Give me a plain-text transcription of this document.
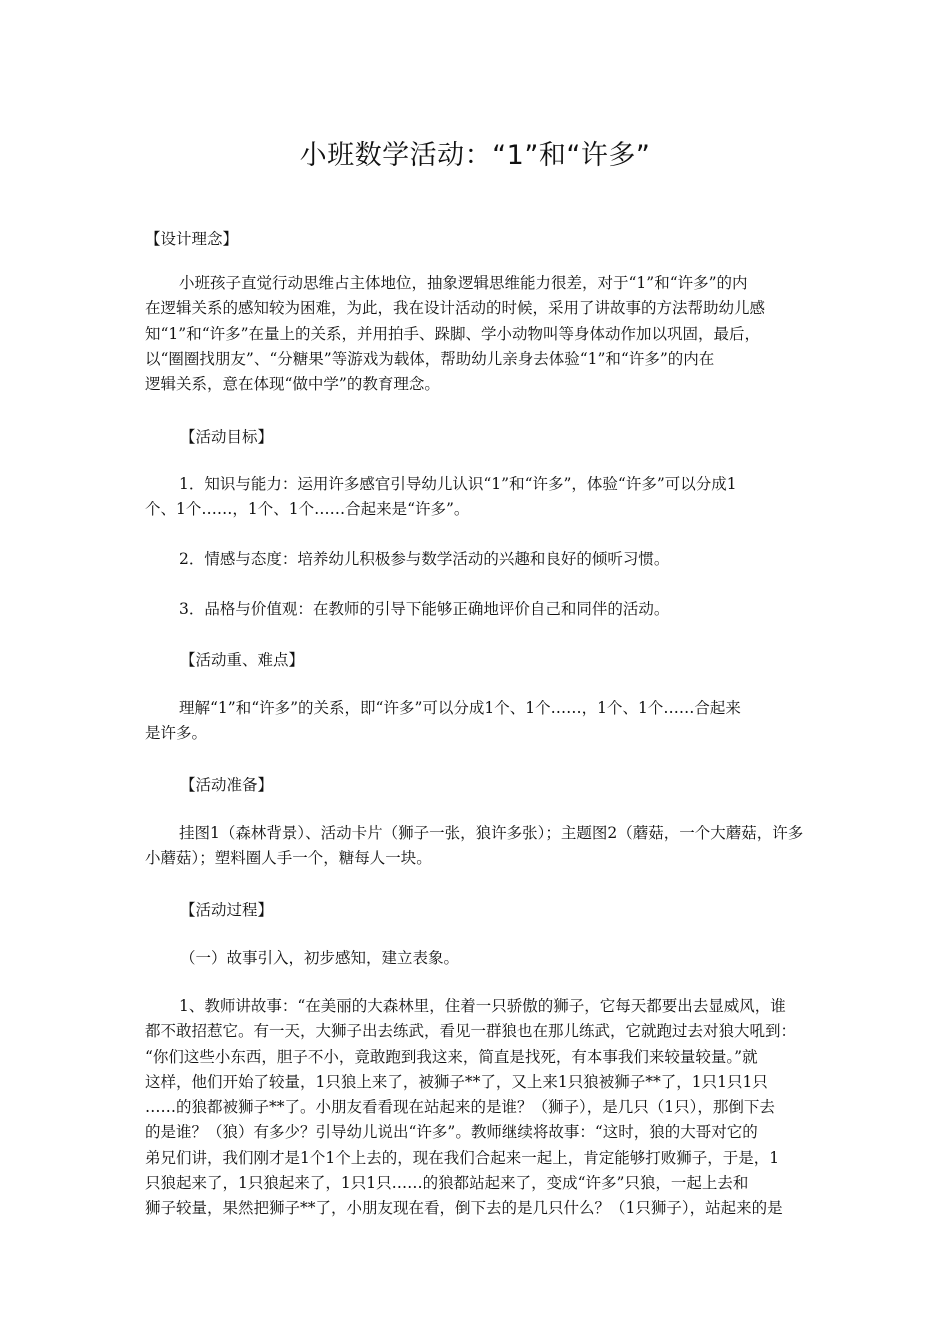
小班数学活动：“1”和“许多”
【设计理念】
小班孩子直觉行动思维占主体地位，抽象逻辑思维能力很差，对于“1”和“许多”的内
在逻辑关系的感知较为困难，为此，我在设计活动的时候，采用了讲故事的方法帮助幼儿感
知“1”和“许多”在量上的关系，并用拍手、跺脚、学小动物叫等身体动作加以巩固，最后，
以“圈圈找朋友”、“分糖果”等游戏为载体，帮助幼儿亲身去体验“1”和“许多”的内在
逻辑关系，意在体现“做中学”的教育理念。
【活动目标】
1．知识与能力：运用许多感官引导幼儿认识“1”和“许多”，体验“许多”可以分成1
个、1个……，1个、1个……合起来是“许多”。
2．情感与态度：培养幼儿积极参与数学活动的兴趣和良好的倾听习惯。
3．品格与价值观：在教师的引导下能够正确地评价自己和同伴的活动。
【活动重、难点】
理解“1”和“许多”的关系，即“许多”可以分成1个、1个……，1个、1个……合起来
是许多。
【活动准备】
挂图1（森林背景）、活动卡片（狮子一张，狼许多张）；主题图2（蘑菇，一个大蘑菇，许多
小蘑菇）；塑料圈人手一个，糖每人一块。
【活动过程】
（一）故事引入，初步感知，建立表象。
1、教师讲故事：“在美丽的大森林里，住着一只骄傲的狮子，它每天都要出去显威风，谁
都不敢招惹它。有一天，大狮子出去练武，看见一群狼也在那儿练武，它就跑过去对狼大吼到：
“你们这些小东西，胆子不小，竟敢跑到我这来，简直是找死，有本事我们来较量较量。”就
这样，他们开始了较量，1只狼上来了，被狮子**了，又上来1只狼被狮子**了，1只1只1只
……的狼都被狮子**了。小朋友看看现在站起来的是谁？（狮子），是几只（1只），那倒下去
的是谁？（狼）有多少？引导幼儿说出“许多”。教师继续将故事：“这时，狼的大哥对它的
弟兄们讲，我们刚才是1个1个上去的，现在我们合起来一起上，肯定能够打败狮子，于是，1
只狼起来了，1只狼起来了，1只1只……的狼都站起来了，变成“许多”只狼，一起上去和
狮子较量，果然把狮子**了，小朋友现在看，倒下去的是几只什么？（1只狮子），站起来的是
